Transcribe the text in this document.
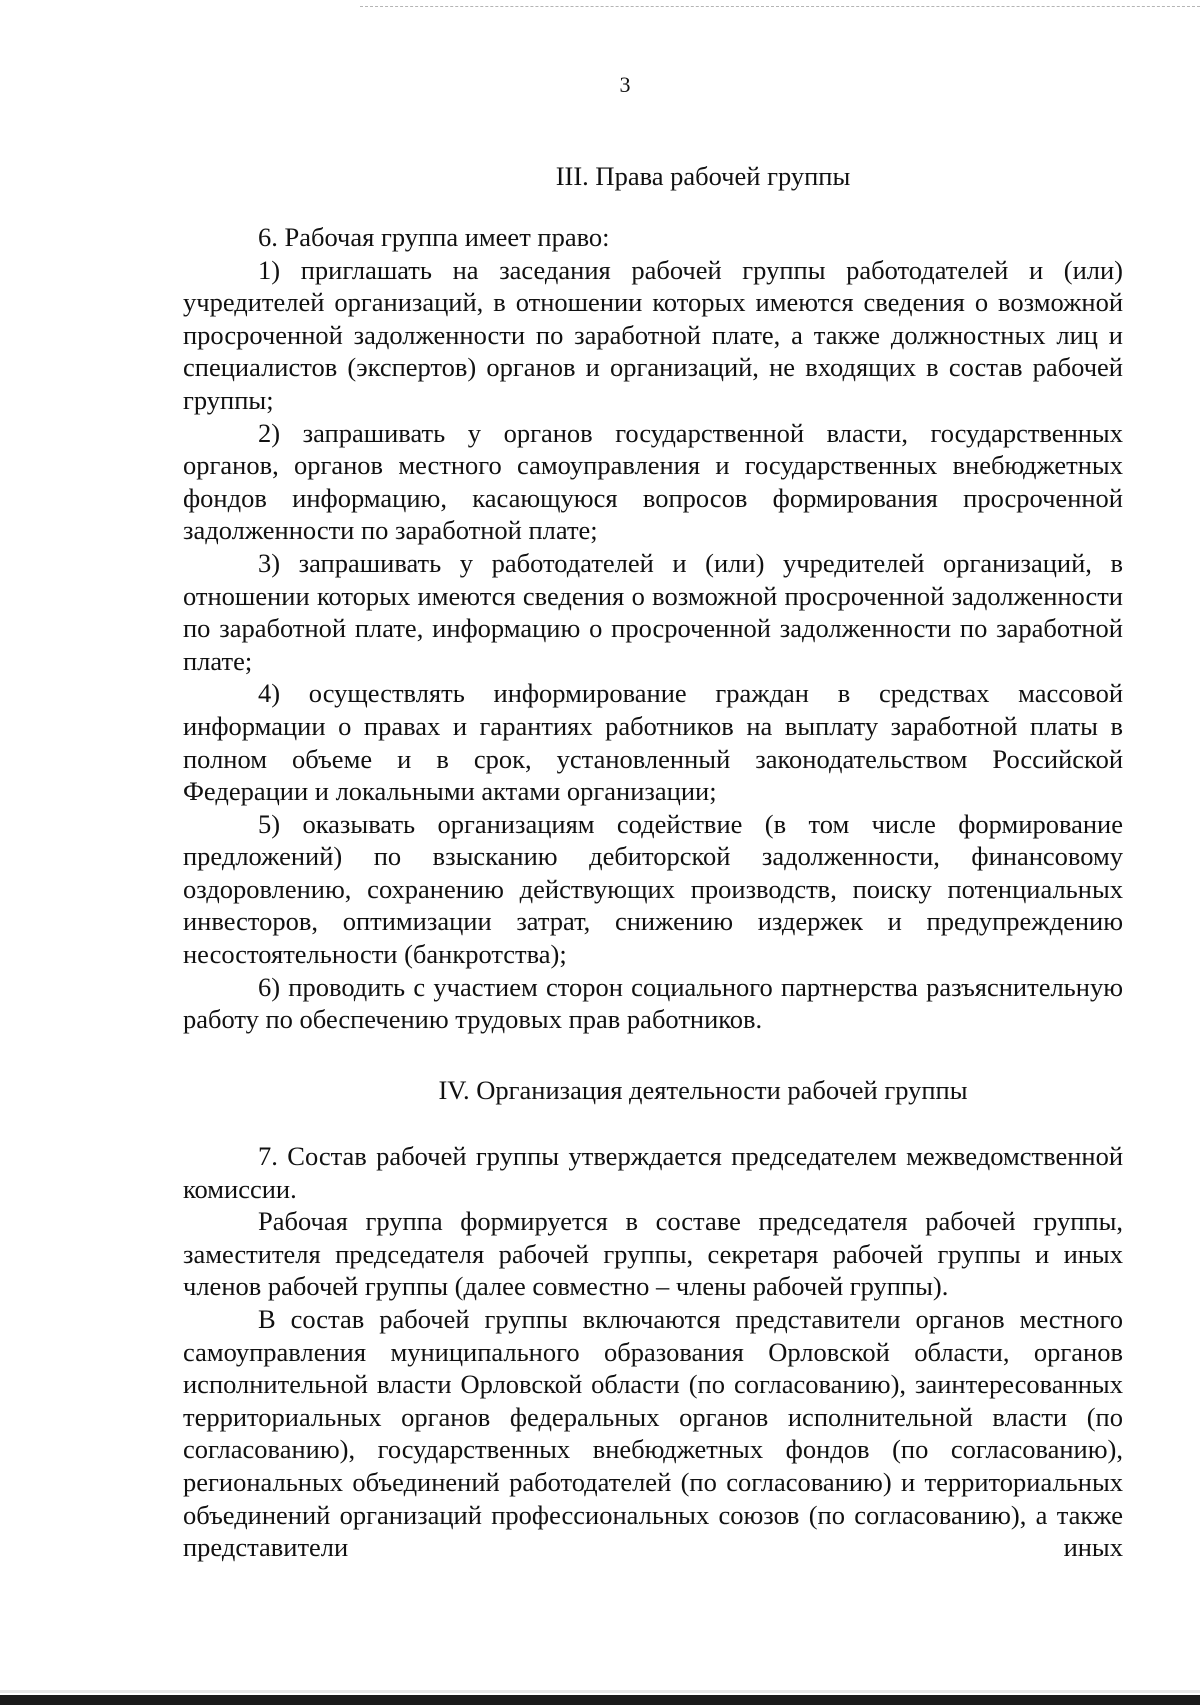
3
III. Права рабочей группы

6. Рабочая группа имеет право:

1) приглашать на заседания рабочей группы работодателей и (или) учредителей организаций, в отношении которых имеются сведения о возможной просроченной задолженности по заработной плате, а также должностных лиц и специалистов (экспертов) органов и организаций, не входящих в состав рабочей группы;

2) запрашивать у органов государственной власти, государственных органов, органов местного самоуправления и государственных внебюджетных фондов информацию, касающуюся вопросов формирования просроченной задолженности по заработной плате;

3) запрашивать у работодателей и (или) учредителей организаций, в отношении которых имеются сведения о возможной просроченной задолженности по заработной плате, информацию о просроченной задолженности по заработной плате;

4) осуществлять информирование граждан в средствах массовой информации о правах и гарантиях работников на выплату заработной платы в полном объеме и в срок, установленный законодательством Российской Федерации и локальными актами организации;

5) оказывать организациям содействие (в том числе формирование предложений) по взысканию дебиторской задолженности, финансовому оздоровлению, сохранению действующих производств, поиску потенциальных инвесторов, оптимизации затрат, снижению издержек и предупреждению несостоятельности (банкротства);

6) проводить с участием сторон социального партнерства разъяснительную работу по обеспечению трудовых прав работников.

IV. Организация деятельности рабочей группы

7. Состав рабочей группы утверждается председателем межведомственной комиссии.

Рабочая группа формируется в составе председателя рабочей группы, заместителя председателя рабочей группы, секретаря рабочей группы и иных членов рабочей группы (далее совместно – члены рабочей группы).

В состав рабочей группы включаются представители органов местного самоуправления муниципального образования Орловской области, органов исполнительной власти Орловской области (по согласованию), заинтересованных территориальных органов федеральных органов исполнительной власти (по согласованию), государственных внебюджетных фондов (по согласованию), региональных объединений работодателей (по согласованию) и территориальных объединений организаций профессиональных союзов (по согласованию), а также представители иных
